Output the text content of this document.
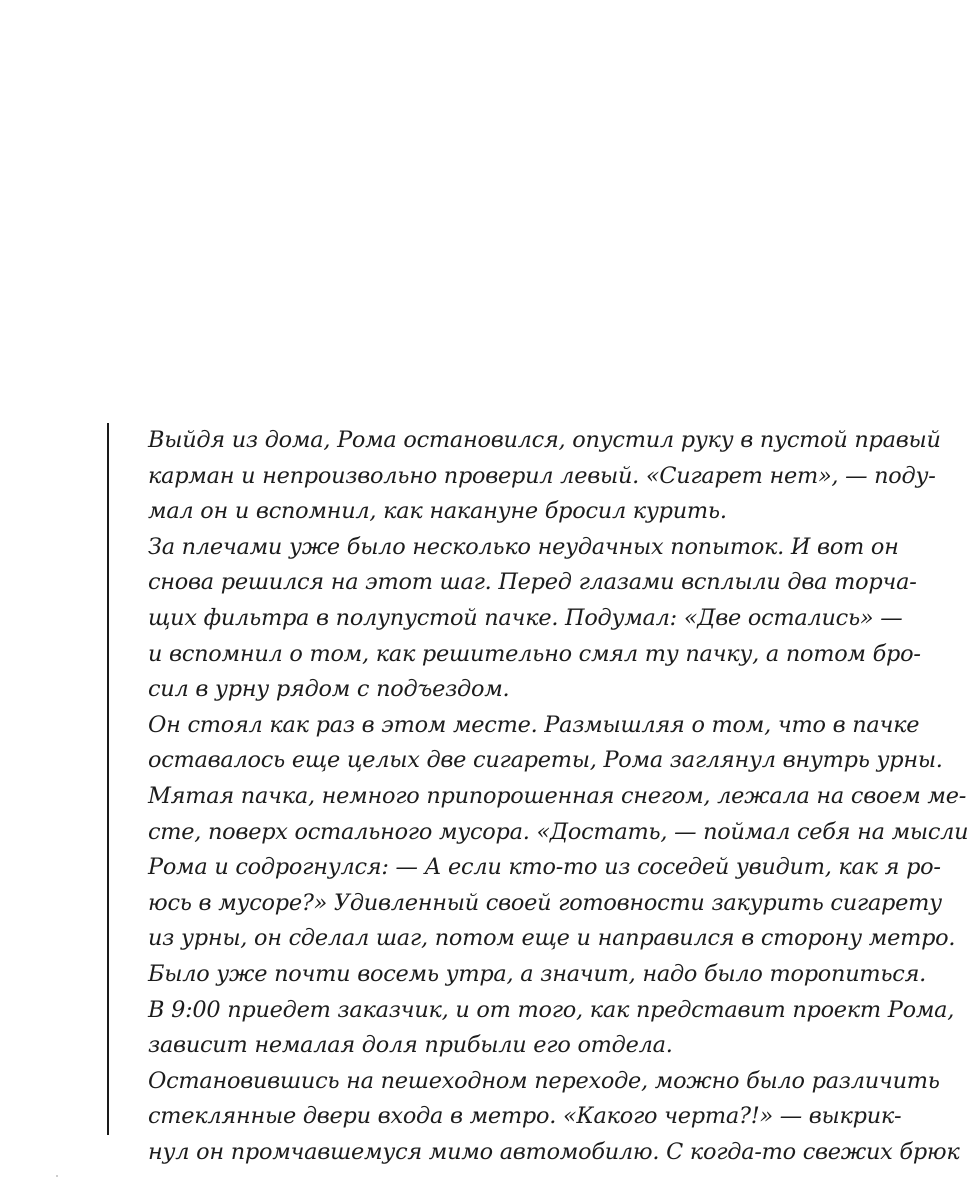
Выйдя из дома, Рома остановился, опустил руку в пустой правый
карман и непроизвольно проверил левый. «Сигарет нет», — поду-
мал он и вспомнил, как накануне бросил курить.
За плечами уже было несколько неудачных попыток. И вот он
снова решился на этот шаг. Перед глазами всплыли два торча-
щих фильтра в полупустой пачке. Подумал: «Две остались» —
и вспомнил о том, как решительно смял ту пачку, а потом бро-
сил в урну рядом с подъездом.
Он стоял как раз в этом месте. Размышляя о том, что в пачке
оставалось еще целых две сигареты, Рома заглянул внутрь урны.
Мятая пачка, немного припорошенная снегом, лежала на своем ме-
сте, поверх остального мусора. «Достать, — поймал себя на мысли
Рома и содрогнулся: — А если кто-то из соседей увидит, как я ро-
юсь в мусоре?» Удивленный своей готовности закурить сигарету
из урны, он сделал шаг, потом еще и направился в сторону метро.
Было уже почти восемь утра, а значит, надо было торопиться.
В 9:00 приедет заказчик, и от того, как представит проект Рома,
зависит немалая доля прибыли его отдела.
Остановившись на пешеходном переходе, можно было различить
стеклянные двери входа в метро. «Какого черта?!» — выкрик-
нул он промчавшемуся мимо автомобилю. С когда-то свежих брюк
